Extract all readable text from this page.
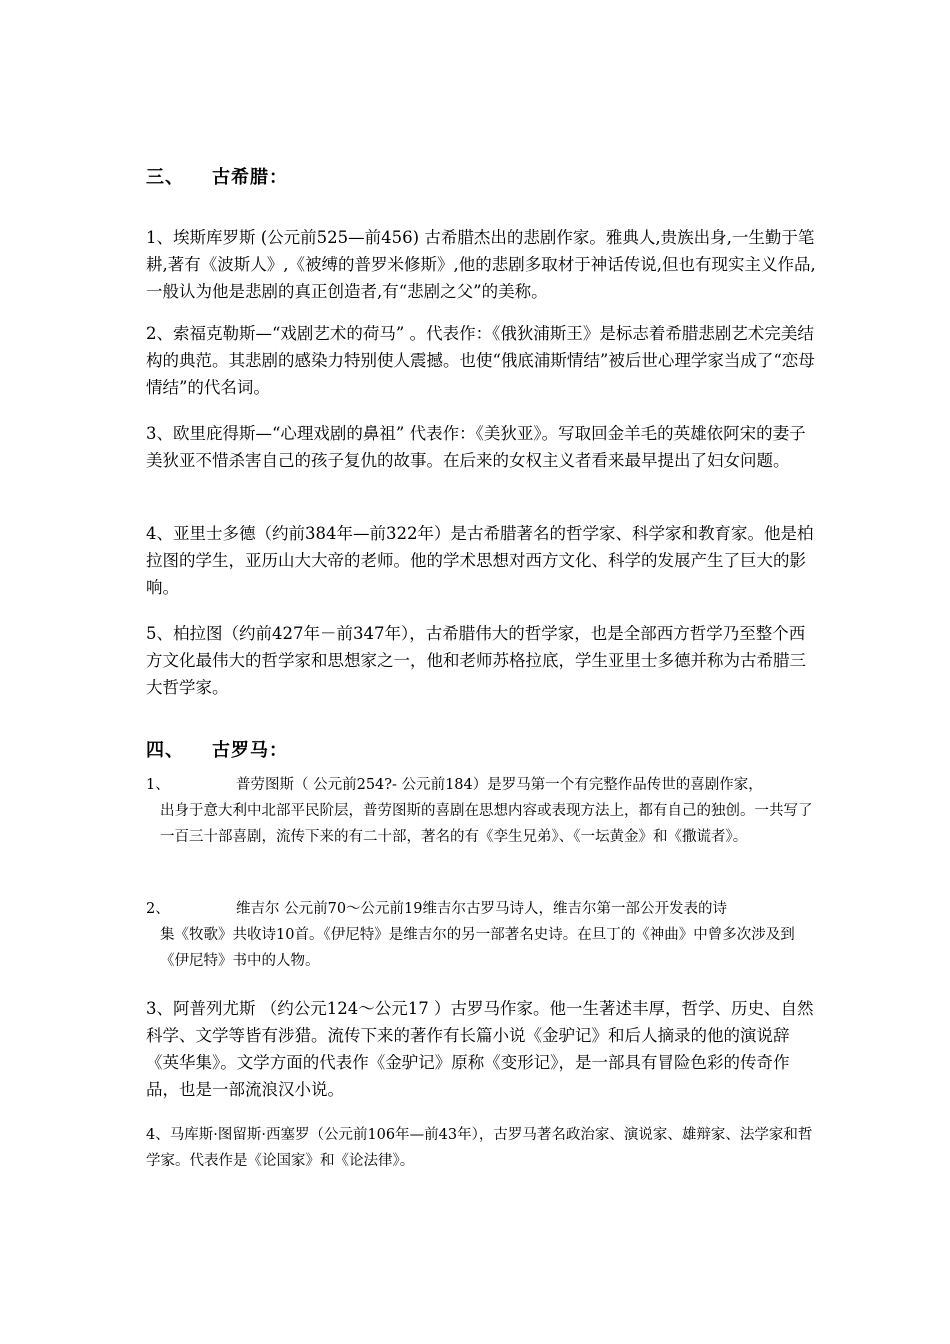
三、 古希腊：

1、埃斯库罗斯 (公元前525—前456) 古希腊杰出的悲剧作家。雅典人,贵族出身,一生勤于笔耕,著有《波斯人》,《被缚的普罗米修斯》,他的悲剧多取材于神话传说,但也有现实主义作品,一般认为他是悲剧的真正创造者,有“悲剧之父”的美称。

2、索福克勒斯—“戏剧艺术的荷马” 。代表作：《俄狄浦斯王》是标志着希腊悲剧艺术完美结构的典范。其悲剧的感染力特别使人震撼。也使“俄底浦斯情结”被后世心理学家当成了“恋母情结”的代名词。

3、欧里庇得斯—“心理戏剧的鼻祖” 代表作：《美狄亚》。写取回金羊毛的英雄依阿宋的妻子美狄亚不惜杀害自己的孩子复仇的故事。在后来的女权主义者看来最早提出了妇女问题。

4、亚里士多德（约前384年—前322年）是古希腊著名的哲学家、科学家和教育家。他是柏拉图的学生，亚历山大大帝的老师。他的学术思想对西方文化、科学的发展产生了巨大的影响。

5、柏拉图（约前427年－前347年），古希腊伟大的哲学家，也是全部西方哲学乃至整个西方文化最伟大的哲学家和思想家之一，他和老师苏格拉底，学生亚里士多德并称为古希腊三大哲学家。

四、 古罗马：
1、	普劳图斯（ 公元前254?- 公元前184）是罗马第一个有完整作品传世的喜剧作家，
出身于意大利中北部平民阶层，普劳图斯的喜剧在思想内容或表现方法上，都有自己的独创。一共写了一百三十部喜剧，流传下来的有二十部，著名的有《孪生兄弟》、《一坛黄金》和《撒谎者》。
2、	维吉尔 公元前70～公元前19维吉尔古罗马诗人，维吉尔第一部公开发表的诗
集《牧歌》共收诗10首。《伊尼特》是维吉尔的另一部著名史诗。在旦丁的《神曲》中曾多次涉及到《伊尼特》书中的人物。

3、阿普列尤斯 （约公元124～公元17 ）古罗马作家。他一生著述丰厚，哲学、历史、自然科学、文学等皆有涉猎。流传下来的著作有长篇小说《金驴记》和后人摘录的他的演说辞《英华集》。文学方面的代表作《金驴记》原称《变形记》，是一部具有冒险色彩的传奇作品，也是一部流浪汉小说。

4、马库斯·图留斯·西塞罗（公元前106年—前43年），古罗马著名政治家、演说家、雄辩家、法学家和哲学家。代表作是《论国家》和《论法律》。
